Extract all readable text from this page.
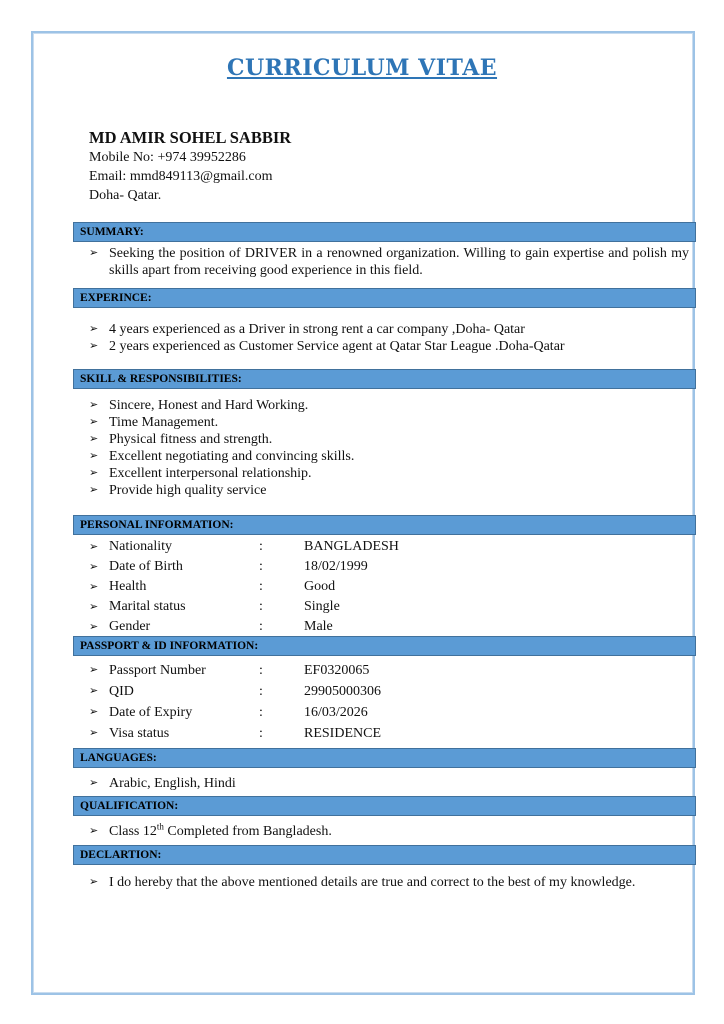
CURRICULUM VITAE
MD AMIR SOHEL SABBIR
Mobile No: +974 39952286
Email: mmd849113@gmail.com
Doha- Qatar.
SUMMARY:
➢ Seeking the position of DRIVER in a renowned organization. Willing to gain expertise and polish my skills apart from receiving good experience in this field.
EXPERINCE:
➢ 4 years experienced as a Driver in strong rent a car company ,Doha- Qatar
➢ 2 years experienced as Customer Service agent at Qatar Star League .Doha-Qatar
SKILL & RESPONSIBILITIES:
➢ Sincere, Honest and Hard Working.
➢ Time Management.
➢ Physical fitness and strength.
➢ Excellent negotiating and convincing skills.
➢ Excellent interpersonal relationship.
➢ Provide high quality service
PERSONAL INFORMATION:
➢ Nationality	:	BANGLADESH
➢ Date of Birth	:	18/02/1999
➢ Health	:	Good
➢ Marital status	:	Single
➢ Gender	:	Male
PASSPORT & ID INFORMATION:
➢ Passport Number	:	EF0320065
➢ QID	:	29905000306
➢ Date of Expiry	:	16/03/2026
➢ Visa status	:	RESIDENCE
LANGUAGES:
➢ Arabic, English, Hindi
QUALIFICATION:
➢ Class 12th Completed from Bangladesh.
DECLARTION:
➢ I do hereby that the above mentioned details are true and correct to the best of my knowledge.
